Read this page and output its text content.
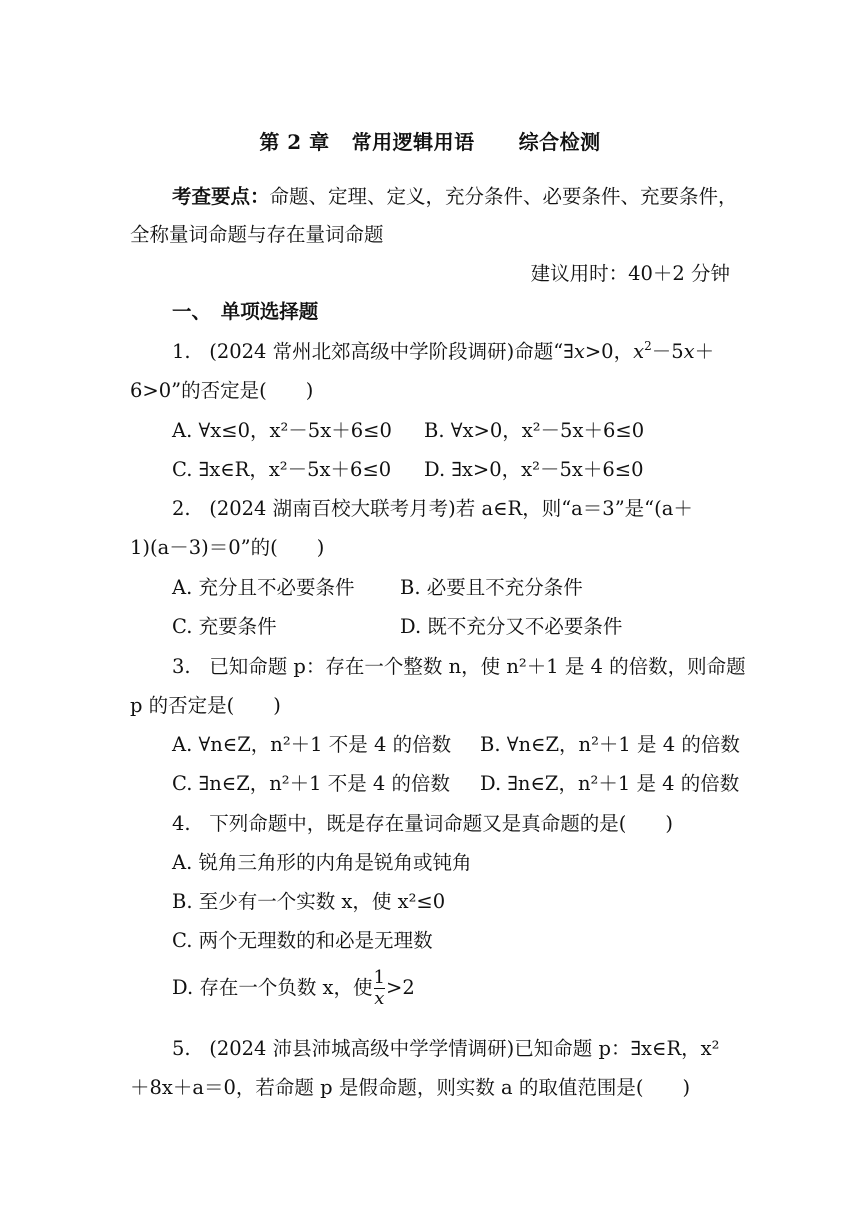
第 2 章 常用逻辑用语 综合检测
考查要点：命题、定理、定义，充分条件、必要条件、充要条件，
全称量词命题与存在量词命题
建议用时：40＋2 分钟
一、　单项选择题
1. (2024 常州北郊高级中学阶段调研)命题“∃x>0，$x^2-5x+$
6>0”的否定是(　　)
A. ∀x≤0，x²－5x＋6≤0 B. ∀x>0，x²－5x＋6≤0
C. ∃x∈R，x²－5x＋6≤0 D. ∃x>0，x²－5x＋6≤0
2. (2024 湖南百校大联考月考)若 a∈R，则“a＝3”是“(a＋
1)(a－3)＝0”的(　　)
A. 充分且不必要条件 B. 必要且不充分条件
C. 充要条件	D. 既不充分又不必要条件
3. 已知命题 p：存在一个整数 n，使 n²＋1 是 4 的倍数，则命题
p 的否定是(　　)
A. ∀n∈Z，n²＋1 不是 4 的倍数 B. ∀n∈Z，n²＋1 是 4 的倍数
C. ∃n∈Z，n²＋1 不是 4 的倍数 D. ∃n∈Z，n²＋1 是 4 的倍数
4. 下列命题中，既是存在量词命题又是真命题的是(　　)
A. 锐角三角形的内角是锐角或钝角
B. 至少有一个实数 x，使 x²≤0
C. 两个无理数的和必是无理数
D. 存在一个负数 x，使 $\frac{1}{x} >2$
5. (2024 沛县沛城高级中学学情调研)已知命题 p：∃x∈R，x²
＋8x＋a＝0，若命题 p 是假命题，则实数 a 的取值范围是(　　)
